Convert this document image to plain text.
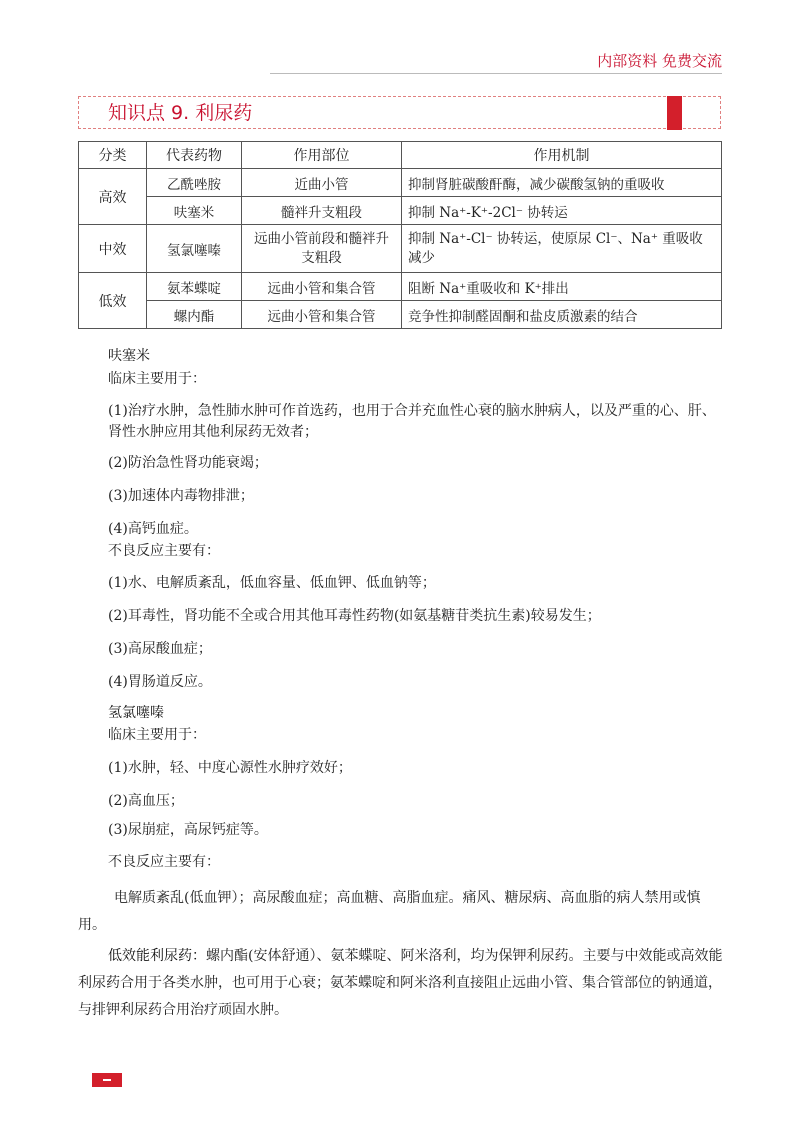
内部资料 免费交流
知识点 9. 利尿药
分类	代表药物	作用部位	作用机制
高效	乙酰唑胺	近曲小管	抑制肾脏碳酸酐酶，减少碳酸氢钠的重吸收
	呋塞米	髓袢升支粗段	抑制 Na⁺-K⁺-2Cl⁻ 协转运
中效	氢氯噻嗪	远曲小管前段和髓袢升支粗段	抑制 Na⁺-Cl⁻ 协转运，使原尿 Cl⁻、Na⁺ 重吸收减少
低效	氨苯蝶啶	远曲小管和集合管	阻断 Na⁺重吸收和 K⁺排出
	螺内酯	远曲小管和集合管	竞争性抑制醛固酮和盐皮质激素的结合
呋塞米
临床主要用于：
(1)治疗水肿，急性肺水肿可作首选药，也用于合并充血性心衰的脑水肿病人，以及严重的心、肝、肾性水肿应用其他利尿药无效者；
(2)防治急性肾功能衰竭；
(3)加速体内毒物排泄；
(4)高钙血症。
不良反应主要有：
(1)水、电解质紊乱，低血容量、低血钾、低血钠等；
(2)耳毒性，肾功能不全或合用其他耳毒性药物(如氨基糖苷类抗生素)较易发生；
(3)高尿酸血症；
(4)胃肠道反应。
氢氯噻嗪
临床主要用于：
(1)水肿，轻、中度心源性水肿疗效好；
(2)高血压；
(3)尿崩症，高尿钙症等。
不良反应主要有：
电解质紊乱(低血钾）；高尿酸血症；高血糖、高脂血症。痛风、糖尿病、高血脂的病人禁用或慎用。
低效能利尿药：螺内酯(安体舒通）、氨苯蝶啶、阿米洛利，均为保钾利尿药。主要与中效能或高效能利尿药合用于各类水肿，也可用于心衰；氨苯蝶啶和阿米洛利直接阻止远曲小管、集合管部位的钠通道，与排钾利尿药合用治疗顽固水肿。
